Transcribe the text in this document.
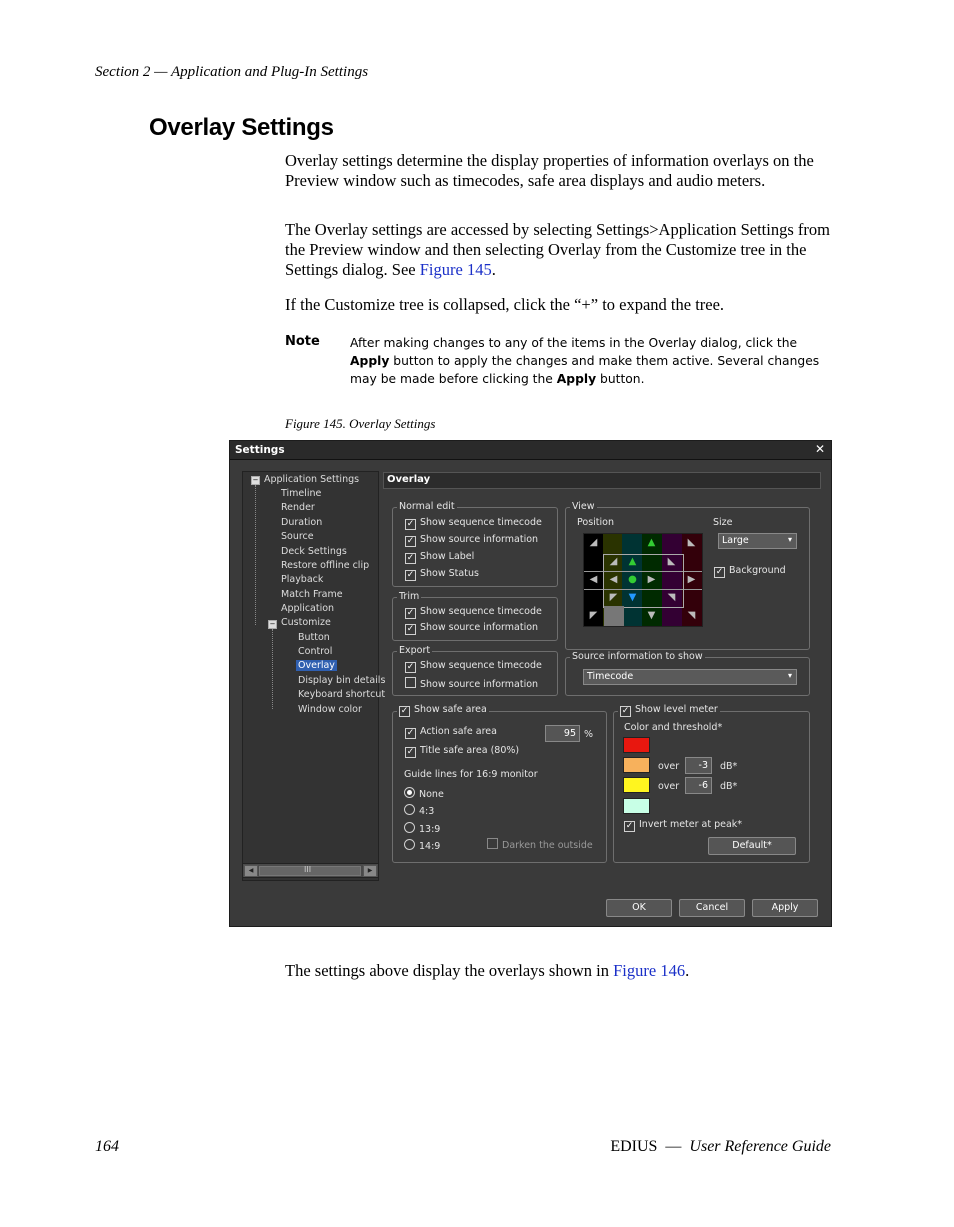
Section 2 — Application and Plug-In Settings
Overlay Settings
Overlay settings determine the display properties of information overlays on the Preview window such as timecodes, safe area displays and audio meters.
The Overlay settings are accessed by selecting Settings>Application Settings from the Preview window and then selecting Overlay from the Customize tree in the Settings dialog. See Figure 145.
If the Customize tree is collapsed, click the “+” to expand the tree.
Note After making changes to any of the items in the Overlay dialog, click the Apply button to apply the changes and make them active. Several changes may be made before clicking the Apply button.
Figure 145. Overlay Settings
Settings	✕
− Application Settings
Timeline
Render
Duration
Source
Deck Settings
Restore offline clip
Playback
Match Frame
Application
− Customize
Button
Control
Overlay
Display bin details
Keyboard shortcut
Window color
◀	III	▶
Overlay
Normal edit
✓ Show sequence timecode
✓ Show source information
✓ Show Label
✓ Show Status
Trim
✓ Show sequence timecode
✓ Show source information
Export
✓ Show sequence timecode
Show source information
View
Position
◢	▲	◣
◢	▲	◣
◀	◀	●	▶	▶
◤	▼	◥
◤	▼	◥
Size
Large	▾
✓ Background
Source information to show
Timecode	▾
✓ Show safe area
✓ Action safe area	95 %
✓ Title safe area (80%)
Guide lines for 16:9 monitor
None
4:3
13:9
14:9	Darken the outside
✓ Show level meter
Color and threshold*
over	-3	dB*
over	-6	dB*
✓ Invert meter at peak*
Default*
OK	Cancel	Apply
The settings above display the overlays shown in Figure 146.
164	EDIUS — User Reference Guide
